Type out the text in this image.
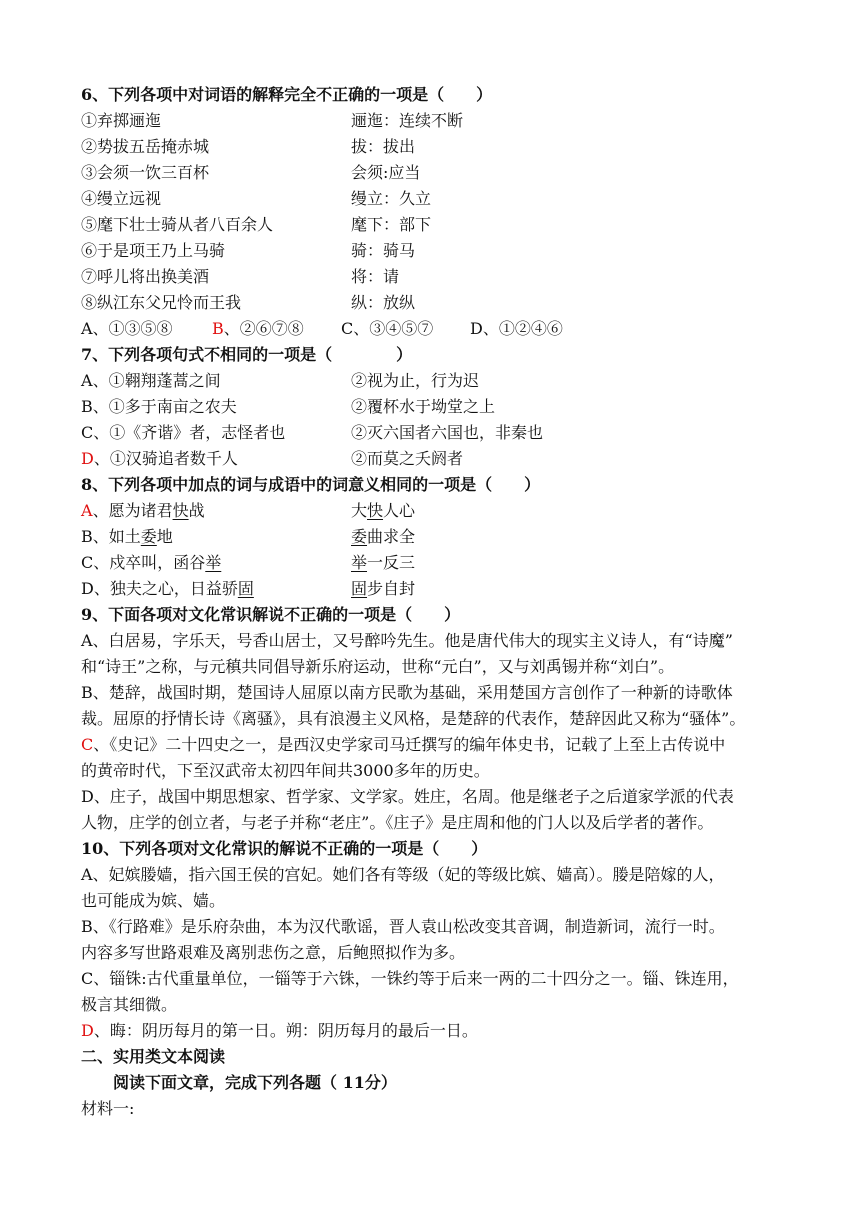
6、下列各项中对词语的解释完全不正确的一项是（　　）
①弃掷逦迤	逦迤：连续不断
②势拔五岳掩赤城	拔：拔出
③会须一饮三百杯	会须:应当
④缦立远视	缦立：久立
⑤麾下壮士骑从者八百余人	麾下：部下
⑥于是项王乃上马骑	骑：骑马
⑦呼儿将出换美酒	将：请
⑧纵江东父兄怜而王我	纵：放纵
A、①③⑤⑧ B、②⑥⑦⑧ C、③④⑤⑦ D、①②④⑥
7、下列各项句式不相同的一项是（　　　　）
A、①翱翔蓬蒿之间	②视为止，行为迟
B、①多于南亩之农夫	②覆杯水于坳堂之上
C、①《齐谐》者，志怪者也	②灭六国者六国也，非秦也
D、①汉骑追者数千人	②而莫之夭阏者
8、下列各项中加点的词与成语中的词意义相同的一项是（　　）
A、愿为诸君快战	大快人心
B、如土委地	委曲求全
C、戍卒叫，函谷举	举一反三
D、独夫之心，日益骄固	固步自封
9、下面各项对文化常识解说不正确的一项是（　　）
A、白居易，字乐天，号香山居士，又号醉吟先生。他是唐代伟大的现实主义诗人，有“诗魔”
和“诗王”之称，与元稹共同倡导新乐府运动，世称“元白”，又与刘禹锡并称“刘白”。
B、楚辞，战国时期，楚国诗人屈原以南方民歌为基础，采用楚国方言创作了一种新的诗歌体
裁。屈原的抒情长诗《离骚》，具有浪漫主义风格，是楚辞的代表作，楚辞因此又称为“骚体”。
C、《史记》二十四史之一，是西汉史学家司马迁撰写的编年体史书，记载了上至上古传说中
的黄帝时代，下至汉武帝太初四年间共3000多年的历史。
D、庄子，战国中期思想家、哲学家、文学家。姓庄，名周。他是继老子之后道家学派的代表
人物，庄学的创立者，与老子并称“老庄”。《庄子》是庄周和他的门人以及后学者的著作。
10、下列各项对文化常识的解说不正确的一项是（　　）
A、妃嫔媵嫱，指六国王侯的宫妃。她们各有等级（妃的等级比嫔、嫱高）。媵是陪嫁的人，
也可能成为嫔、嫱。
B、《行路难》是乐府杂曲，本为汉代歌谣，晋人袁山松改变其音调，制造新词，流行一时。
内容多写世路艰难及离别悲伤之意，后鲍照拟作为多。
C、锱铢:古代重量单位，一锱等于六铢，一铢约等于后来一两的二十四分之一。锱、铢连用，
极言其细微。
D、晦：阴历每月的第一日。朔：阴历每月的最后一日。
二、实用类文本阅读
阅读下面文章，完成下列各题（ 11分）
材料一:
